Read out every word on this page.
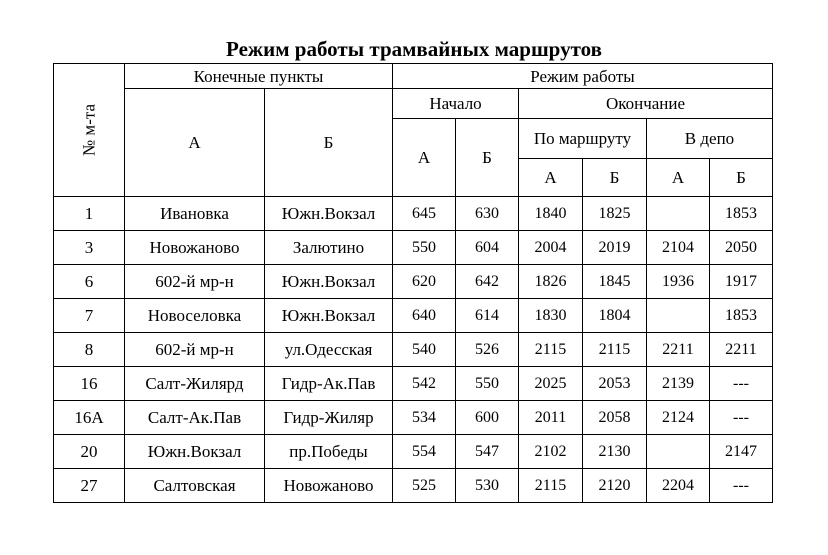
Режим работы трамвайных маршрутов
№ м-та	Конечные пункты		Режим работы					
	А	Б	Начало		Окончание			
			А	Б	По маршруту		В депо	
					А	Б	А	Б
1	Ивановка	Южн.Вокзал	645	630	1840	1825		1853
3	Новожаново	Залютино	550	604	2004	2019	2104	2050
6	602-й мр-н	Южн.Вокзал	620	642	1826	1845	1936	1917
7	Новоселовка	Южн.Вокзал	640	614	1830	1804		1853
8	602-й мр-н	ул.Одесская	540	526	2115	2115	2211	2211
16	Салт-Жилярд	Гидр-Ак.Пав	542	550	2025	2053	2139	---
16А	Салт-Ак.Пав	Гидр-Жиляр	534	600	2011	2058	2124	---
20	Южн.Вокзал	пр.Победы	554	547	2102	2130		2147
27	Салтовская	Новожаново	525	530	2115	2120	2204	---
